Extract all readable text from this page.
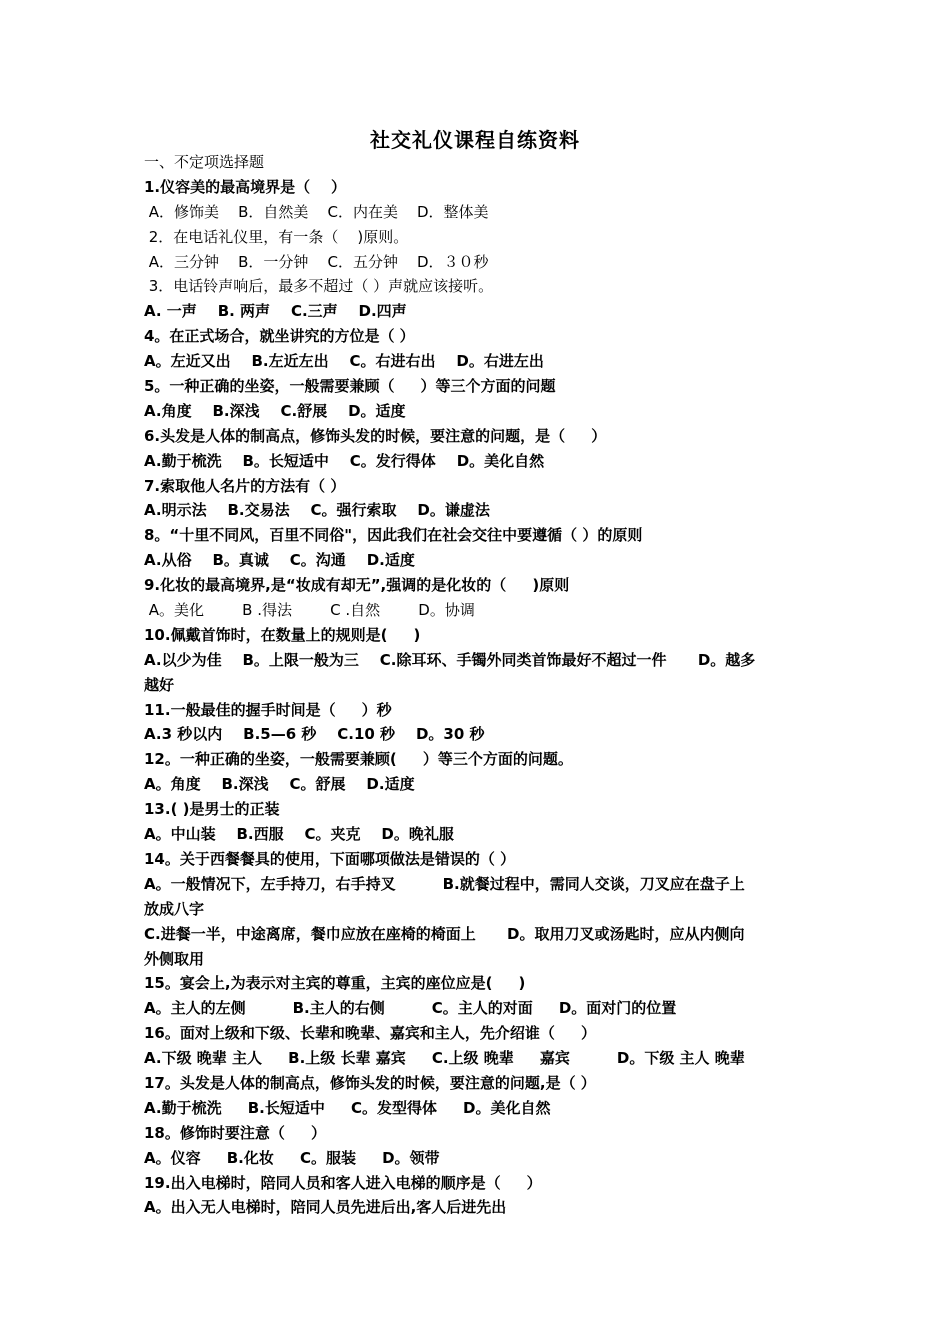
社交礼仪课程自练资料
一、不定项选择题
1.仪容美的最高境界是（    ）
A．修饰美    B．自然美    C．内在美    D．整体美
2．在电话礼仪里，有一条（    )原则。
A．三分钟    B．一分钟    C．五分钟    D．３０秒
3．电话铃声响后，最多不超过（ ）声就应该接听。
A. 一声    B. 两声    C.三声    D.四声
4。在正式场合，就坐讲究的方位是（ ）
A。左近又出    B.左近左出    C。右进右出    D。右进左出
5。一种正确的坐姿，一般需要兼顾（     ）等三个方面的问题
A.角度    B.深浅    C.舒展    D。适度
6.头发是人体的制高点，修饰头发的时候，要注意的问题，是（     ）
A.勤于梳洗    B。长短适中    C。发行得体    D。美化自然
7.索取他人名片的方法有（ ）
A.明示法    B.交易法    C。强行索取    D。谦虚法
8。“十里不同风，百里不同俗"，因此我们在社会交往中要遵循（ ）的原则
A.从俗    B。真诚    C。沟通    D.适度
9.化妆的最高境界,是“妆成有却无”,强调的是化妆的（     )原则
A。美化        B .得法        C .自然        D。协调
10.佩戴首饰时，在数量上的规则是(     )
A.以少为佳    B。上限一般为三    C.除耳环、手镯外同类首饰最好不超过一件      D。越多
越好
11.一般最佳的握手时间是（     ）秒
A.3 秒以内    B.5—6 秒    C.10 秒    D。30 秒
12。一种正确的坐姿，一般需要兼顾(     ）等三个方面的问题。
A。角度    B.深浅    C。舒展    D.适度
13.( )是男士的正装
A。中山装    B.西服    C。夹克    D。晚礼服
14。关于西餐餐具的使用，下面哪项做法是错误的（ ）
A。一般情况下，左手持刀，右手持叉         B.就餐过程中，需同人交谈，刀叉应在盘子上
放成八字
C.进餐一半，中途离席，餐巾应放在座椅的椅面上      D。取用刀叉或汤匙时，应从内侧向
外侧取用
15。宴会上,为表示对主宾的尊重，主宾的座位应是(     )
A。主人的左侧         B.主人的右侧         C。主人的对面     D。面对门的位置
16。面对上级和下级、长辈和晚辈、嘉宾和主人，先介绍谁（     ）
A.下级 晚辈 主人     B.上级 长辈 嘉宾     C.上级 晚辈     嘉宾         D。下级 主人 晚辈
17。头发是人体的制高点，修饰头发的时候，要注意的问题,是（ ）
A.勤于梳洗     B.长短适中     C。发型得体     D。美化自然
18。修饰时要注意（     ）
A。仪容     B.化妆     C。服装     D。领带
19.出入电梯时，陪同人员和客人进入电梯的顺序是（     ）
A。出入无人电梯时，陪同人员先进后出,客人后进先出
